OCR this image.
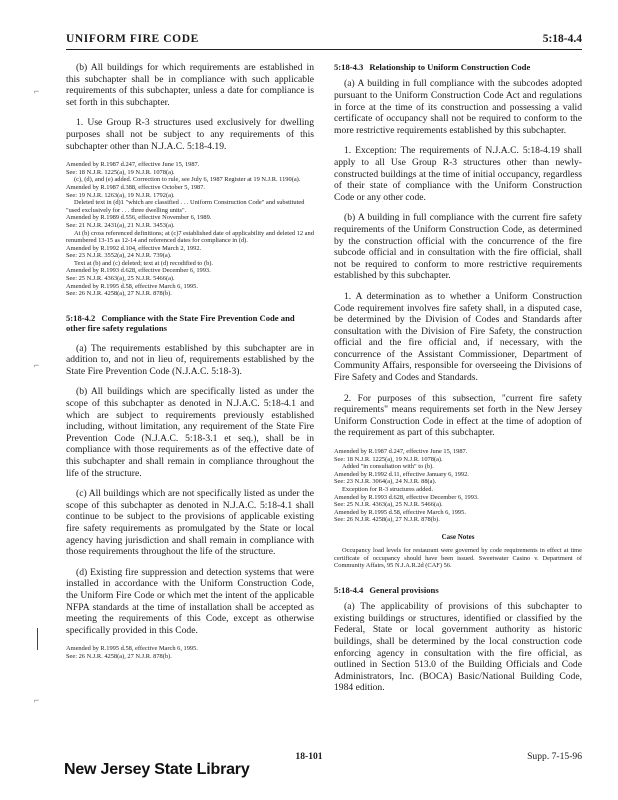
UNIFORM FIRE CODE	5:18-4.4
⌐
⌐
⌐

(b) All buildings for which requirements are established in this subchapter shall be in compliance with such applicable requirements of this subchapter, unless a date for compliance is set forth in this subchapter.

1. Use Group R-3 structures used exclusively for dwelling purposes shall not be subject to any requirements of this subchapter other than N.J.A.C. 5:18-4.19.

Amended by R.1987 d.247, effective June 15, 1987.

See: 18 N.J.R. 1225(a), 19 N.J.R. 1078(a).

(c), (d), and (e) added. Correction to rule, see July 6, 1987 Register at 19 N.J.R. 1190(a).

Amended by R.1987 d.388, effective October 5, 1987.

See: 19 N.J.R. 1263(a), 19 N.J.R. 1792(a).

Deleted text in (d)1 "which are classified . . . Uniform Construction Code" and substituted "used exclusively for . . . three dwelling units".

Amended by R.1989 d.556, effective November 6, 1989.

See: 21 N.J.R. 2431(a), 21 N.J.R. 3453(a).

At (b) cross referenced definitions; at (c)7 established date of applicability and deleted 12 and renumbered 13-15 as 12-14 and referenced dates for compliance in (d).

Amended by R.1992 d.104, effective March 2, 1992.

See: 23 N.J.R. 3552(a), 24 N.J.R. 739(a).

Text at (b) and (c) deleted; text at (d) recodified to (b).

Amended by R.1993 d.628, effective December 6, 1993.

See: 25 N.J.R. 4363(a), 25 N.J.R. 5466(a).

Amended by R.1995 d.58, effective March 6, 1995.

See: 26 N.J.R. 4258(a), 27 N.J.R. 878(b).

5:18-4.2 Compliance with the State Fire Prevention Code and other fire safety regulations

(a) The requirements established by this subchapter are in addition to, and not in lieu of, requirements established by the State Fire Prevention Code (N.J.A.C. 5:18-3).

(b) All buildings which are specifically listed as under the scope of this subchapter as denoted in N.J.A.C. 5:18-4.1 and which are subject to requirements previously established including, without limitation, any requirement of the State Fire Prevention Code (N.J.A.C. 5:18-3.1 et seq.), shall be in compliance with those requirements as of the effective date of this subchapter and shall remain in compliance throughout the life of the structure.

(c) All buildings which are not specifically listed as under the scope of this subchapter as denoted in N.J.A.C. 5:18-4.1 shall continue to be subject to the provisions of applicable existing fire safety requirements as promulgated by the State or local agency having jurisdiction and shall remain in compliance with those requirements throughout the life of the structure.

(d) Existing fire suppression and detection systems that were installed in accordance with the Uniform Construction Code, the Uniform Fire Code or which met the intent of the applicable NFPA standards at the time of installation shall be accepted as meeting the requirements of this Code, except as otherwise specifically provided in this Code.

Amended by R.1995 d.58, effective March 6, 1995.

See: 26 N.J.R. 4258(a), 27 N.J.R. 878(b).

5:18-4.3 Relationship to Uniform Construction Code

(a) A building in full compliance with the subcodes adopted pursuant to the Uniform Construction Code Act and regulations in force at the time of its construction and possessing a valid certificate of occupancy shall not be required to conform to the more restrictive requirements established by this subchapter.

1. Exception: The requirements of N.J.A.C. 5:18-4.19 shall apply to all Use Group R-3 structures other than newly-constructed buildings at the time of initial occupancy, regardless of their state of compliance with the Uniform Construction Code or any other code.

(b) A building in full compliance with the current fire safety requirements of the Uniform Construction Code, as determined by the construction official with the concurrence of the fire subcode official and in consultation with the fire official, shall not be required to conform to more restrictive requirements established by this subchapter.

1. A determination as to whether a Uniform Construction Code requirement involves fire safety shall, in a disputed case, be determined by the Division of Codes and Standards after consultation with the Division of Fire Safety, the construction official and the fire official and, if necessary, with the concurrence of the Assistant Commissioner, Department of Community Affairs, responsible for overseeing the Divisions of Fire Safety and Codes and Standards.

2. For purposes of this subsection, "current fire safety requirements" means requirements set forth in the New Jersey Uniform Construction Code in effect at the time of adoption of the requirement as part of this subchapter.

Amended by R.1987 d.247, effective June 15, 1987.

See: 18 N.J.R. 1225(a), 19 N.J.R. 1078(a).

Added "in consultation with" to (b).

Amended by R.1992 d.11, effective January 6, 1992.

See: 23 N.J.R. 3064(a), 24 N.J.R. 88(a).

Exception for R-3 structures added.

Amended by R.1993 d.628, effective December 6, 1993.

See: 25 N.J.R. 4363(a), 25 N.J.R. 5466(a).

Amended by R.1995 d.58, effective March 6, 1995.

See: 26 N.J.R. 4258(a), 27 N.J.R. 878(b).

Case Notes

Occupancy load levels for restaurant were governed by code requirements in effect at time certificate of occupancy should have been issued. Sweetwater Casino v. Department of Community Affairs, 95 N.J.A.R.2d (CAF) 56.

5:18-4.4 General provisions

(a) The applicability of provisions of this subchapter to existing buildings or structures, identified or classified by the Federal, State or local government authority as historic buildings, shall be determined by the local construction code enforcing agency in consultation with the fire official, as outlined in Section 513.0 of the Building Officials and Code Administrators, Inc. (BOCA) Basic/National Building Code, 1984 edition.

18-101	Supp. 7-15-96
New Jersey State Library
